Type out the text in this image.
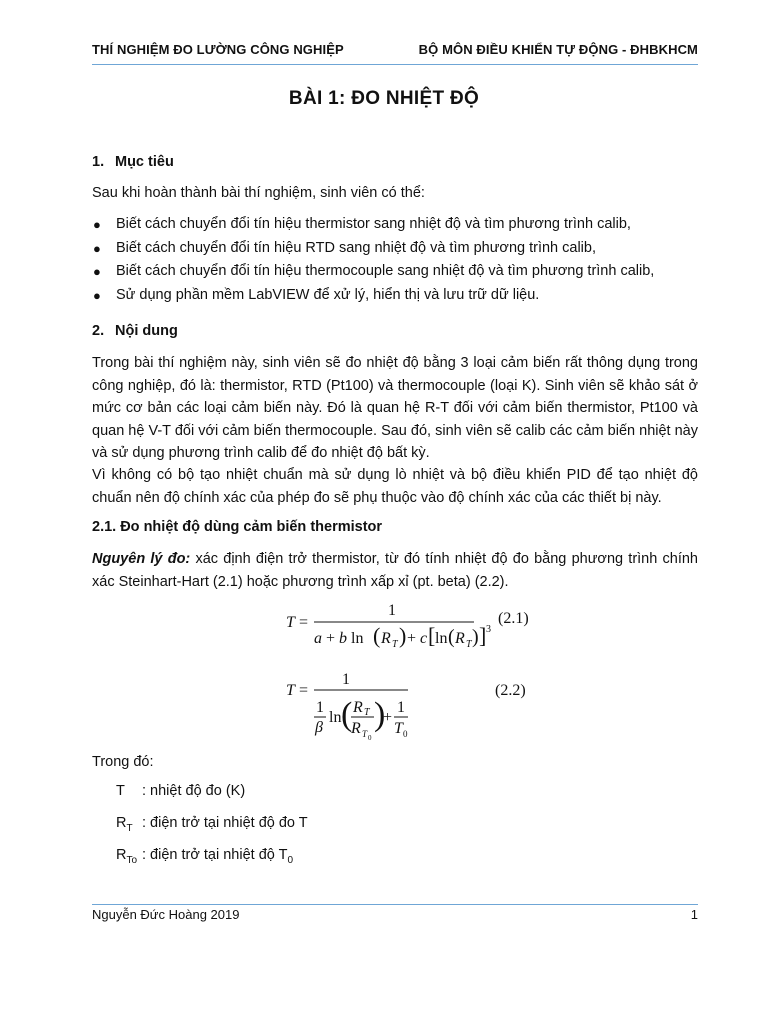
THÍ NGHIỆM ĐO LƯỜNG CÔNG NGHIỆP	BỘ MÔN ĐIỀU KHIỂN TỰ ĐỘNG - ĐHBKHCM
BÀI 1: ĐO NHIỆT ĐỘ
1. Mục tiêu

Sau khi hoàn thành bài thí nghiệm, sinh viên có thể:

● Biết cách chuyển đổi tín hiệu thermistor sang nhiệt độ và tìm phương trình calib,
● Biết cách chuyển đổi tín hiệu RTD sang nhiệt độ và tìm phương trình calib,
● Biết cách chuyển đổi tín hiệu thermocouple sang nhiệt độ và tìm phương trình calib,
● Sử dụng phần mềm LabVIEW để xử lý, hiển thị và lưu trữ dữ liệu.
2. Nội dung

Trong bài thí nghiệm này, sinh viên sẽ đo nhiệt độ bằng 3 loại cảm biến rất thông dụng trong công nghiệp, đó là: thermistor, RTD (Pt100) và thermocouple (loại K). Sinh viên sẽ khảo sát ở mức cơ bản các loại cảm biến này. Đó là quan hệ R-T đối với cảm biến thermistor, Pt100 và quan hệ V-T đối với cảm biến thermocouple. Sau đó, sinh viên sẽ calib các cảm biến nhiệt này và sử dụng phương trình calib để đo nhiệt độ bất kỳ.

Vì không có bộ tạo nhiệt chuẩn mà sử dụng lò nhiệt và bộ điều khiển PID để tạo nhiệt độ chuẩn nên độ chính xác của phép đo sẽ phụ thuộc vào độ chính xác của các thiết bị này.

2.1. Đo nhiệt độ dùng cảm biến thermistor

Nguyên lý đo: xác định điện trở thermistor, từ đó tính nhiệt độ đo bằng phương trình chính xác Steinhart-Hart (2.1) hoặc phương trình xấp xỉ (pt. beta) (2.2).

T =
1
a + b ln ( R T ) + c [ ln ( R T ) ] 3
(2.1)
T =
1
1
β
ln ( R T
R T 0
)
+
1
T 0
(2.2)
Trong đó:
T : nhiệt độ đo (K)
$R_T$ : điện trở tại nhiệt độ đo T
$R_{To}$ : điện trở tại nhiệt độ $T_0$
Nguyễn Đức Hoàng 2019	1
